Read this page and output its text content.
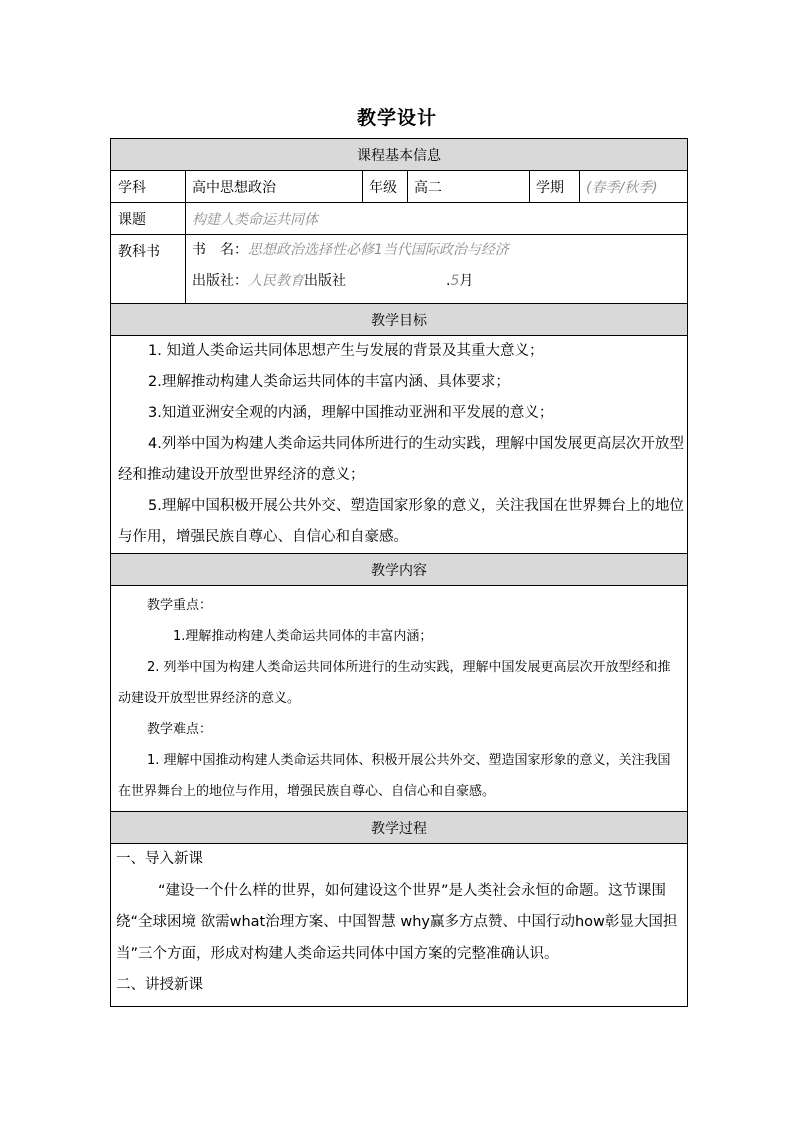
教学设计
课程基本信息					
学科	高中思想政治	年级	高二	学期	(春季/秋季)
课题	构建人类命运共同体				
教科书	书　名：思想政治选择性必修1当代国际政治与经济
出版社：人民教育出版社 .5月				

教学目标					

1. 知道人类命运共同体思想产生与发展的背景及其重大意义；

2.理解推动构建人类命运共同体的丰富内涵、具体要求；

3.知道亚洲安全观的内涵，理解中国推动亚洲和平发展的意义；

4.列举中国为构建人类命运共同体所进行的生动实践，理解中国发展更高层次开放型经和推动建设开放型世界经济的意义；

5.理解中国积极开展公共外交、塑造国家形象的意义，关注我国在世界舞台上的地位与作用，增强民族自尊心、自信心和自豪感。					

教学内容					

教学重点：

1.理解推动构建人类命运共同体的丰富内涵；

2. 列举中国为构建人类命运共同体所进行的生动实践，理解中国发展更高层次开放型经和推动建设开放型世界经济的意义。

教学难点：

1. 理解中国推动构建人类命运共同体、积极开展公共外交、塑造国家形象的意义，关注我国在世界舞台上的地位与作用，增强民族自尊心、自信心和自豪感。					

教学过程					

一、导入新课

“建设一个什么样的世界，如何建设这个世界”是人类社会永恒的命题。这节课围绕“全球困境 欲需what治理方案、中国智慧 why赢多方点赞、中国行动how彰显大国担当”三个方面，形成对构建人类命运共同体中国方案的完整准确认识。

二、讲授新课					
